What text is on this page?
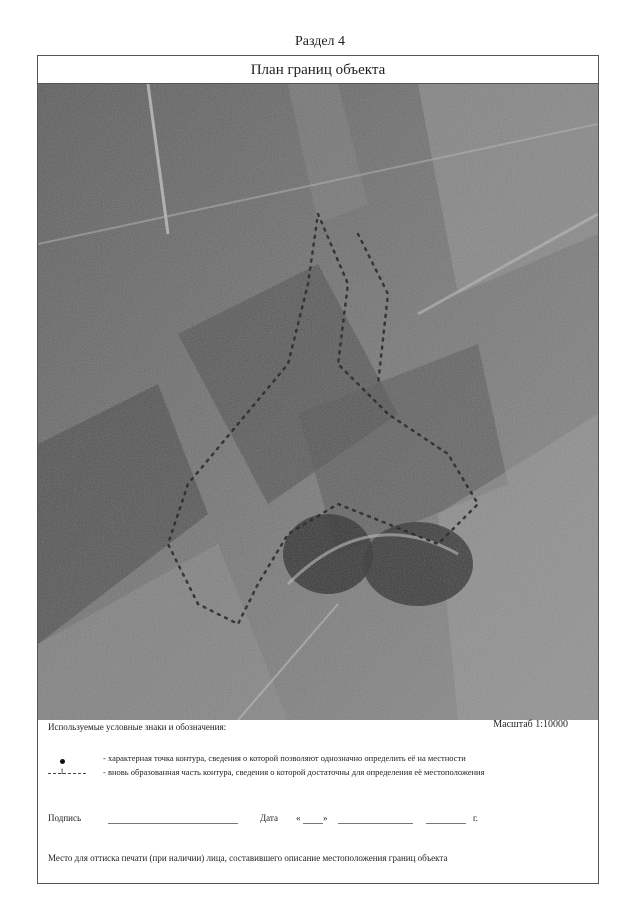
Раздел 4
План границ объекта
Используемые условные знаки и обозначения:	Масштаб 1:10000
1
- характерная точка контура, сведения о которой позволяют однозначно определить её на местности
- вновь образованная часть контура, сведения о которой достаточны для определения её местоположения
Подпись	Дата «	»	г.
Место для оттиска печати (при наличии) лица, составившего описание местоположения границ объекта
